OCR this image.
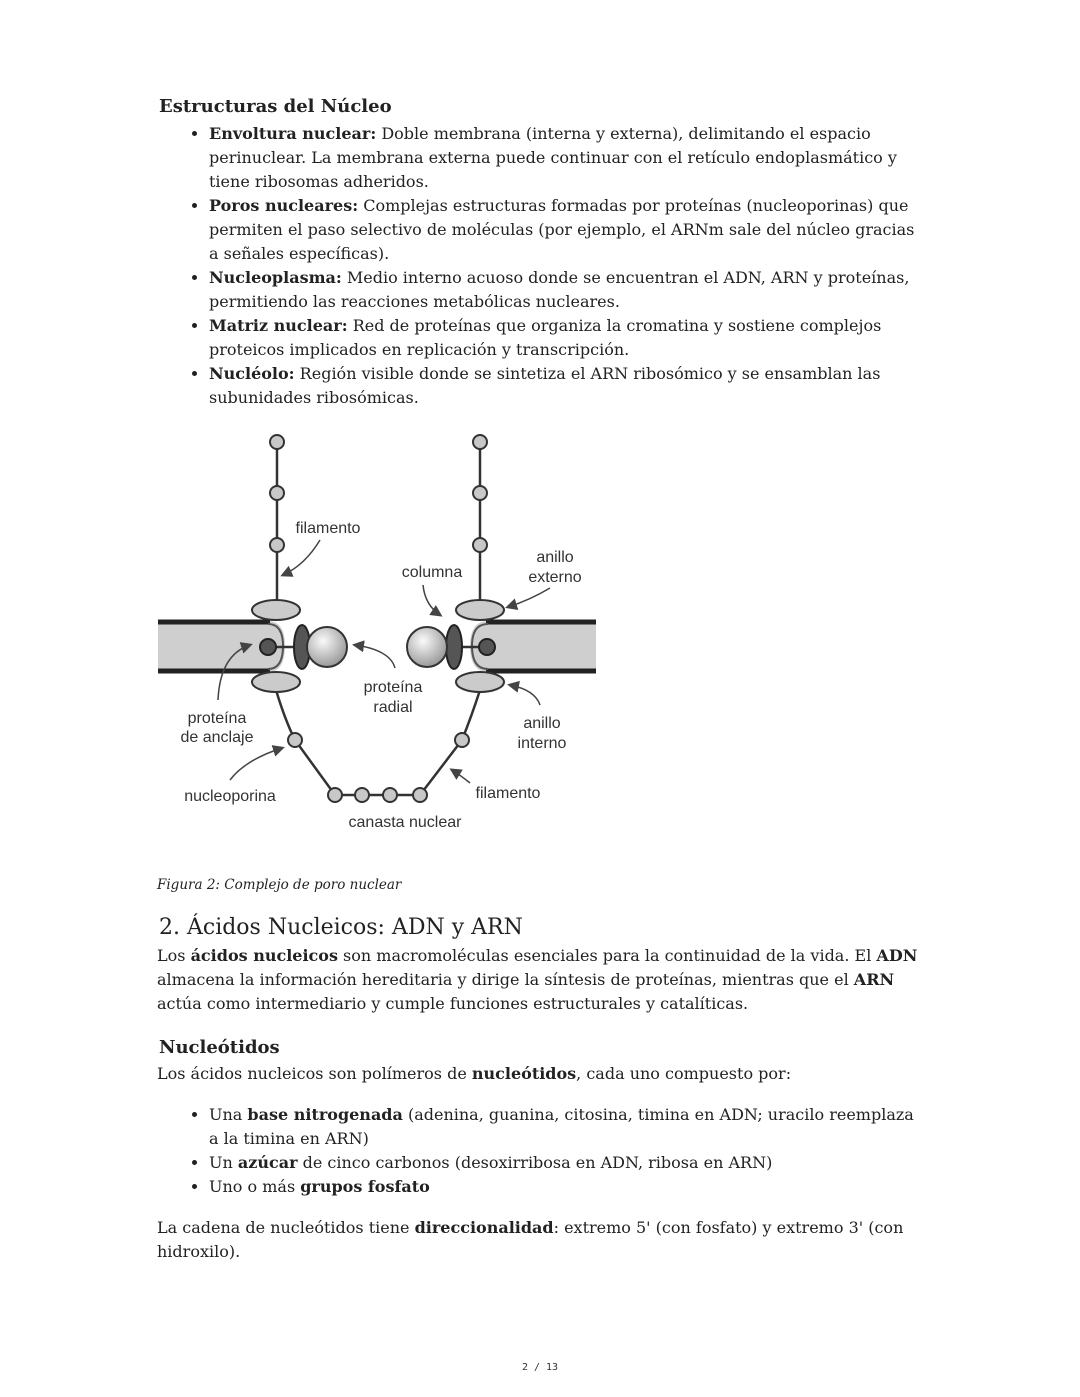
Estructuras del Núcleo
• Envoltura nuclear: Doble membrana (interna y externa), delimitando el espacio perinuclear. La membrana externa puede continuar con el retículo endoplasmático y tiene ribosomas adheridos.
• Poros nucleares: Complejas estructuras formadas por proteínas (nucleoporinas) que permiten el paso selectivo de moléculas (por ejemplo, el ARNm sale del núcleo gracias a señales específicas).
• Nucleoplasma: Medio interno acuoso donde se encuentran el ADN, ARN y proteínas, permitiendo las reacciones metabólicas nucleares.
• Matriz nuclear: Red de proteínas que organiza la cromatina y sostiene complejos proteicos implicados en replicación y transcripción.
• Nucléolo: Región visible donde se sintetiza el ARN ribosómico y se ensamblan las subunidades ribosómicas.
filamento
columna
anillo
externo
proteína
radial
proteína
de anclaje
anillo
interno
nucleoporina	filamento
canasta nuclear
Figura 2: Complejo de poro nuclear
2. Ácidos Nucleicos: ADN y ARN

Los ácidos nucleicos son macromoléculas esenciales para la continuidad de la vida. El ADN almacena la información hereditaria y dirige la síntesis de proteínas, mientras que el ARN actúa como intermediario y cumple funciones estructurales y catalíticas.

Nucleótidos

Los ácidos nucleicos son polímeros de nucleótidos, cada uno compuesto por:

• Una base nitrogenada (adenina, guanina, citosina, timina en ADN; uracilo reemplaza a la timina en ARN)
• Un azúcar de cinco carbonos (desoxirribosa en ADN, ribosa en ARN)
• Uno o más grupos fosfato

La cadena de nucleótidos tiene direccionalidad: extremo 5' (con fosfato) y extremo 3' (con hidroxilo).

2 / 13
